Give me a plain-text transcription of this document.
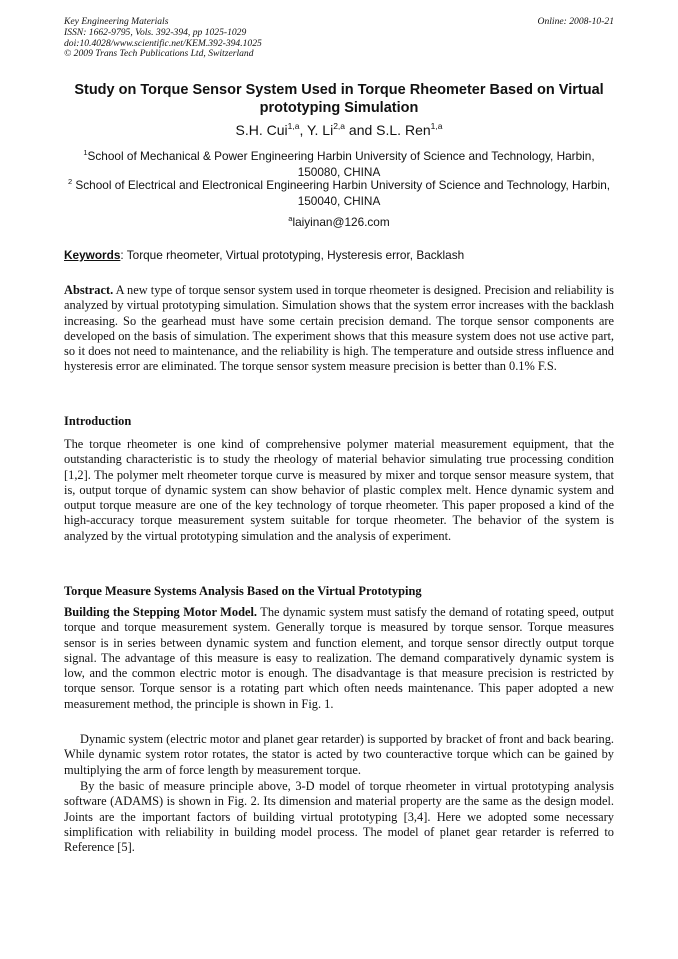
Key Engineering Materials
ISSN: 1662-9795, Vols. 392-394, pp 1025-1029
doi:10.4028/www.scientific.net/KEM.392-394.1025
© 2009 Trans Tech Publications Ltd, Switzerland
Online: 2008-10-21
Study on Torque Sensor System Used in Torque Rheometer Based on Virtual prototyping Simulation
S.H. Cui$^{1,a}$, Y. Li$^{2,a}$ and S.L. Ren$^{1,a}$
$^1$School of Mechanical & Power Engineering Harbin University of Science and Technology, Harbin, 150080, CHINA
$^2$ School of Electrical and Electronical Engineering Harbin University of Science and Technology, Harbin, 150040, CHINA
$^a$laiyinan@126.com
Keywords: Torque rheometer, Virtual prototyping, Hysteresis error, Backlash
Abstract. A new type of torque sensor system used in torque rheometer is designed. Precision and reliability is analyzed by virtual prototyping simulation. Simulation shows that the system error increases with the backlash increasing. So the gearhead must have some certain precision demand. The torque sensor components are developed on the basis of simulation. The experiment shows that this measure system does not use active part, so it does not need to maintenance, and the reliability is high. The temperature and outside stress influence and hysteresis error are eliminated. The torque sensor system measure precision is better than 0.1% F.S.
Introduction
The torque rheometer is one kind of comprehensive polymer material measurement equipment, that the outstanding characteristic is to study the rheology of material behavior simulating true processing condition [1,2]. The polymer melt rheometer torque curve is measured by mixer and torque sensor measure system, that is, output torque of dynamic system can show behavior of plastic complex melt. Hence dynamic system and output torque measure are one of the key technology of torque rheometer. This paper proposed a kind of the high-accuracy torque measurement system suitable for torque rheometer. The behavior of the system is analyzed by the virtual prototyping simulation and the analysis of experiment.
Torque Measure Systems Analysis Based on the Virtual Prototyping
Building the Stepping Motor Model. The dynamic system must satisfy the demand of rotating speed, output torque and torque measurement system. Generally torque is measured by torque sensor. Torque measures sensor is in series between dynamic system and function element, and torque sensor directly output torque signal. The advantage of this measure is easy to realization. The demand comparatively dynamic system is low, and the common electric motor is enough. The disadvantage is that measure precision is restricted by torque sensor. Torque sensor is a rotating part which often needs maintenance. This paper adopted a new measurement method, the principle is shown in Fig. 1.
Dynamic system (electric motor and planet gear retarder) is supported by bracket of front and back bearing. While dynamic system rotor rotates, the stator is acted by two counteractive torque which can be gained by multiplying the arm of force length by measurement torque.
By the basic of measure principle above, 3-D model of torque rheometer in virtual prototyping analysis software (ADAMS) is shown in Fig. 2. Its dimension and material property are the same as the design model. Joints are the important factors of building virtual prototyping [3,4]. Here we adopted some necessary simplification with reliability in building model process. The model of planet gear retarder is referred to Reference [5].
